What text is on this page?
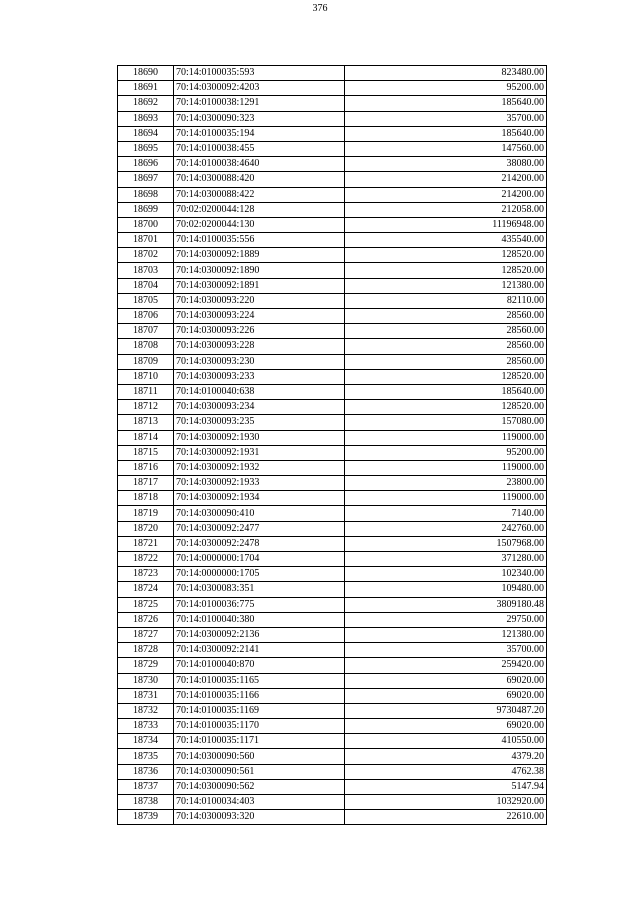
376
18690	70:14:0100035:593	823480.00
18691	70:14:0300092:4203	95200.00
18692	70:14:0100038:1291	185640.00
18693	70:14:0300090:323	35700.00
18694	70:14:0100035:194	185640.00
18695	70:14:0100038:455	147560.00
18696	70:14:0100038:4640	38080.00
18697	70:14:0300088:420	214200.00
18698	70:14:0300088:422	214200.00
18699	70:02:0200044:128	212058.00
18700	70:02:0200044:130	11196948.00
18701	70:14:0100035:556	435540.00
18702	70:14:0300092:1889	128520.00
18703	70:14:0300092:1890	128520.00
18704	70:14:0300092:1891	121380.00
18705	70:14:0300093:220	82110.00
18706	70:14:0300093:224	28560.00
18707	70:14:0300093:226	28560.00
18708	70:14:0300093:228	28560.00
18709	70:14:0300093:230	28560.00
18710	70:14:0300093:233	128520.00
18711	70:14:0100040:638	185640.00
18712	70:14:0300093:234	128520.00
18713	70:14:0300093:235	157080.00
18714	70:14:0300092:1930	119000.00
18715	70:14:0300092:1931	95200.00
18716	70:14:0300092:1932	119000.00
18717	70:14:0300092:1933	23800.00
18718	70:14:0300092:1934	119000.00
18719	70:14:0300090:410	7140.00
18720	70:14:0300092:2477	242760.00
18721	70:14:0300092:2478	1507968.00
18722	70:14:0000000:1704	371280.00
18723	70:14:0000000:1705	102340.00
18724	70:14:0300083:351	109480.00
18725	70:14:0100036:775	3809180.48
18726	70:14:0100040:380	29750.00
18727	70:14:0300092:2136	121380.00
18728	70:14:0300092:2141	35700.00
18729	70:14:0100040:870	259420.00
18730	70:14:0100035:1165	69020.00
18731	70:14:0100035:1166	69020.00
18732	70:14:0100035:1169	9730487.20
18733	70:14:0100035:1170	69020.00
18734	70:14:0100035:1171	410550.00
18735	70:14:0300090:560	4379.20
18736	70:14:0300090:561	4762.38
18737	70:14:0300090:562	5147.94
18738	70:14:0100034:403	1032920.00
18739	70:14:0300093:320	22610.00
